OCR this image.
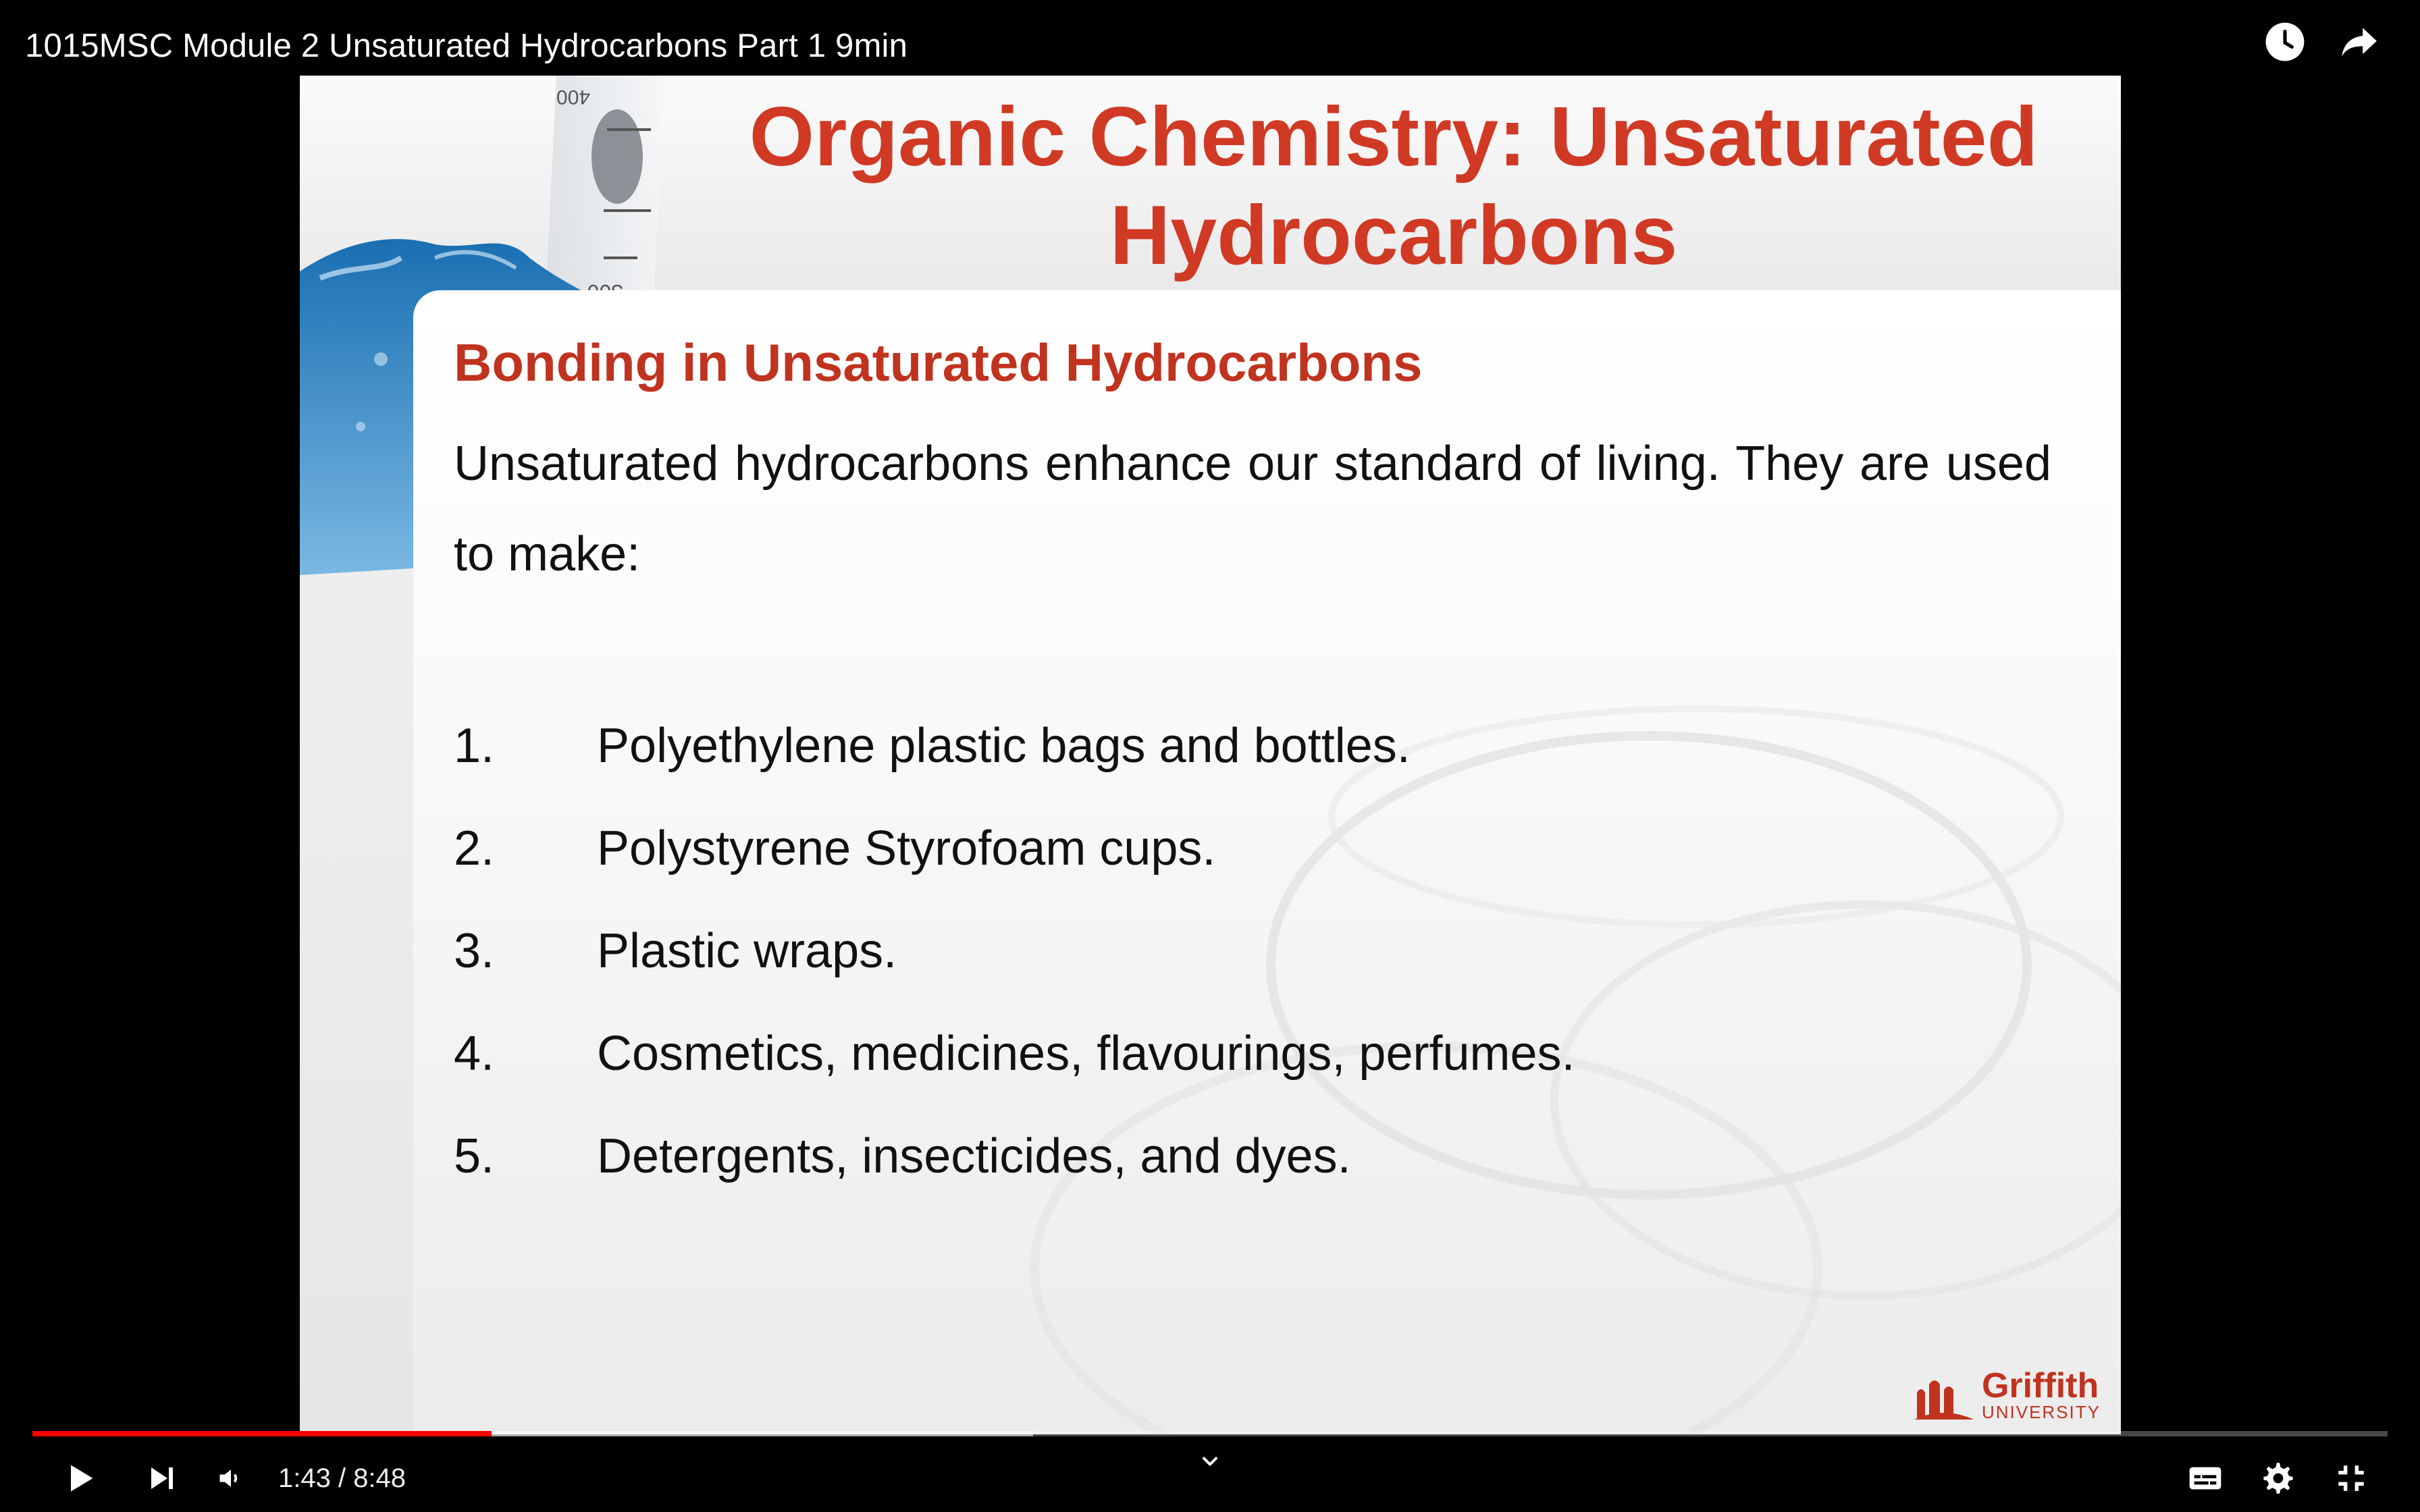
1015MSC Module 2 Unsaturated Hydrocarbons Part 1 9min
400	Organic Chemistry: Unsaturated Hydrocarbons
Bonding in Unsaturated Hydrocarbons
Unsaturated hydrocarbons enhance our standard of living. They are used to make:
1. Polyethylene plastic bags and bottles.
2. Polystyrene Styrofoam cups.
3. Plastic wraps.
4. Cosmetics, medicines, flavourings, perfumes.
5. Detergents, insecticides, and dyes.
Griffith
UNIVERSITY
1:43 / 8:48
